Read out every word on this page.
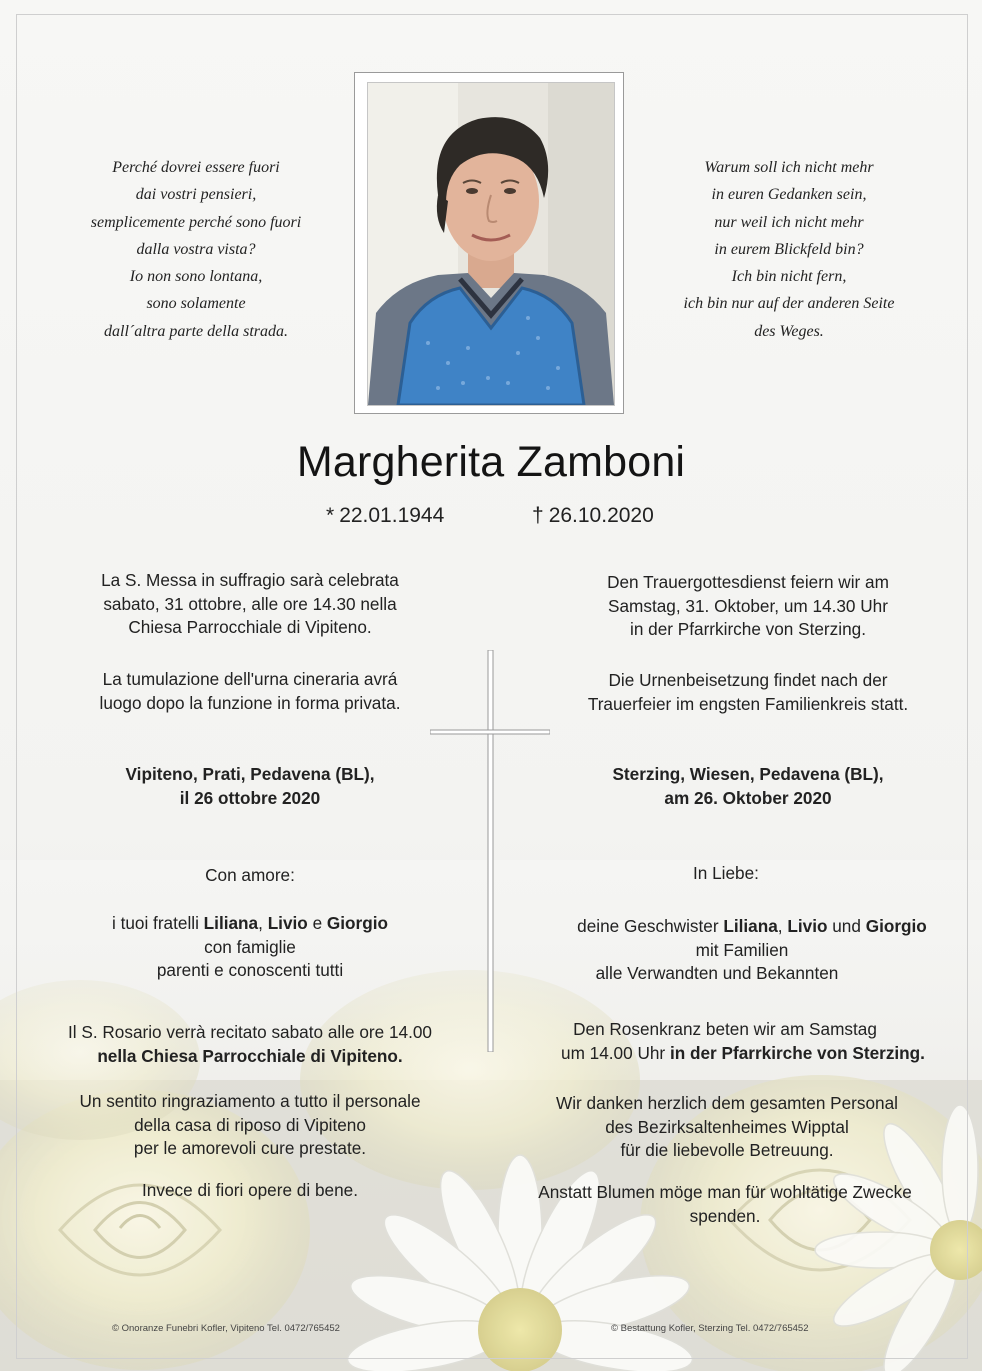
Perché dovrei essere fuori
dai vostri pensieri,
semplicemente perché sono fuori
dalla vostra vista?
Io non sono lontana,
sono solamente
dall´altra parte della strada.
Warum soll ich nicht mehr
in euren Gedanken sein,
nur weil ich nicht mehr
in eurem Blickfeld bin?
Ich bin nicht fern,
ich bin nur auf der anderen Seite
des Weges.
Margherita Zamboni
* 22.01.1944	† 26.10.2020
La S. Messa in suffragio sarà celebrata
sabato, 31 ottobre, alle ore 14.30 nella
Chiesa Parrocchiale di Vipiteno.
La tumulazione dell'urna cineraria avrá
luogo dopo la funzione in forma privata.
Vipiteno, Prati, Pedavena (BL),
il 26 ottobre 2020
Con amore:
i tuoi fratelli Liliana, Livio e Giorgio
con famiglie
parenti e conoscenti tutti
Il S. Rosario verrà recitato sabato alle ore 14.00
nella Chiesa Parrocchiale di Vipiteno.
Un sentito ringraziamento a tutto il personale
della casa di riposo di Vipiteno
per le amorevoli cure prestate.
Invece di fiori opere di bene.
Den Trauergottesdienst feiern wir am
Samstag, 31. Oktober, um 14.30 Uhr
in der Pfarrkirche von Sterzing.
Die Urnenbeisetzung findet nach der
Trauerfeier im engsten Familienkreis statt.
Sterzing, Wiesen, Pedavena (BL),
am 26. Oktober 2020
In Liebe:
deine Geschwister Liliana, Livio und Giorgio
mit Familien
alle Verwandten und Bekannten
Den Rosenkranz beten wir am Samstag
um 14.00 Uhr in der Pfarrkirche von Sterzing.
Wir danken herzlich dem gesamten Personal
des Bezirksaltenheimes Wipptal
für die liebevolle Betreuung.
Anstatt Blumen möge man für wohltätige Zwecke
spenden.
© Onoranze Funebri Kofler, Vipiteno Tel. 0472/765452	© Bestattung Kofler, Sterzing Tel. 0472/765452
